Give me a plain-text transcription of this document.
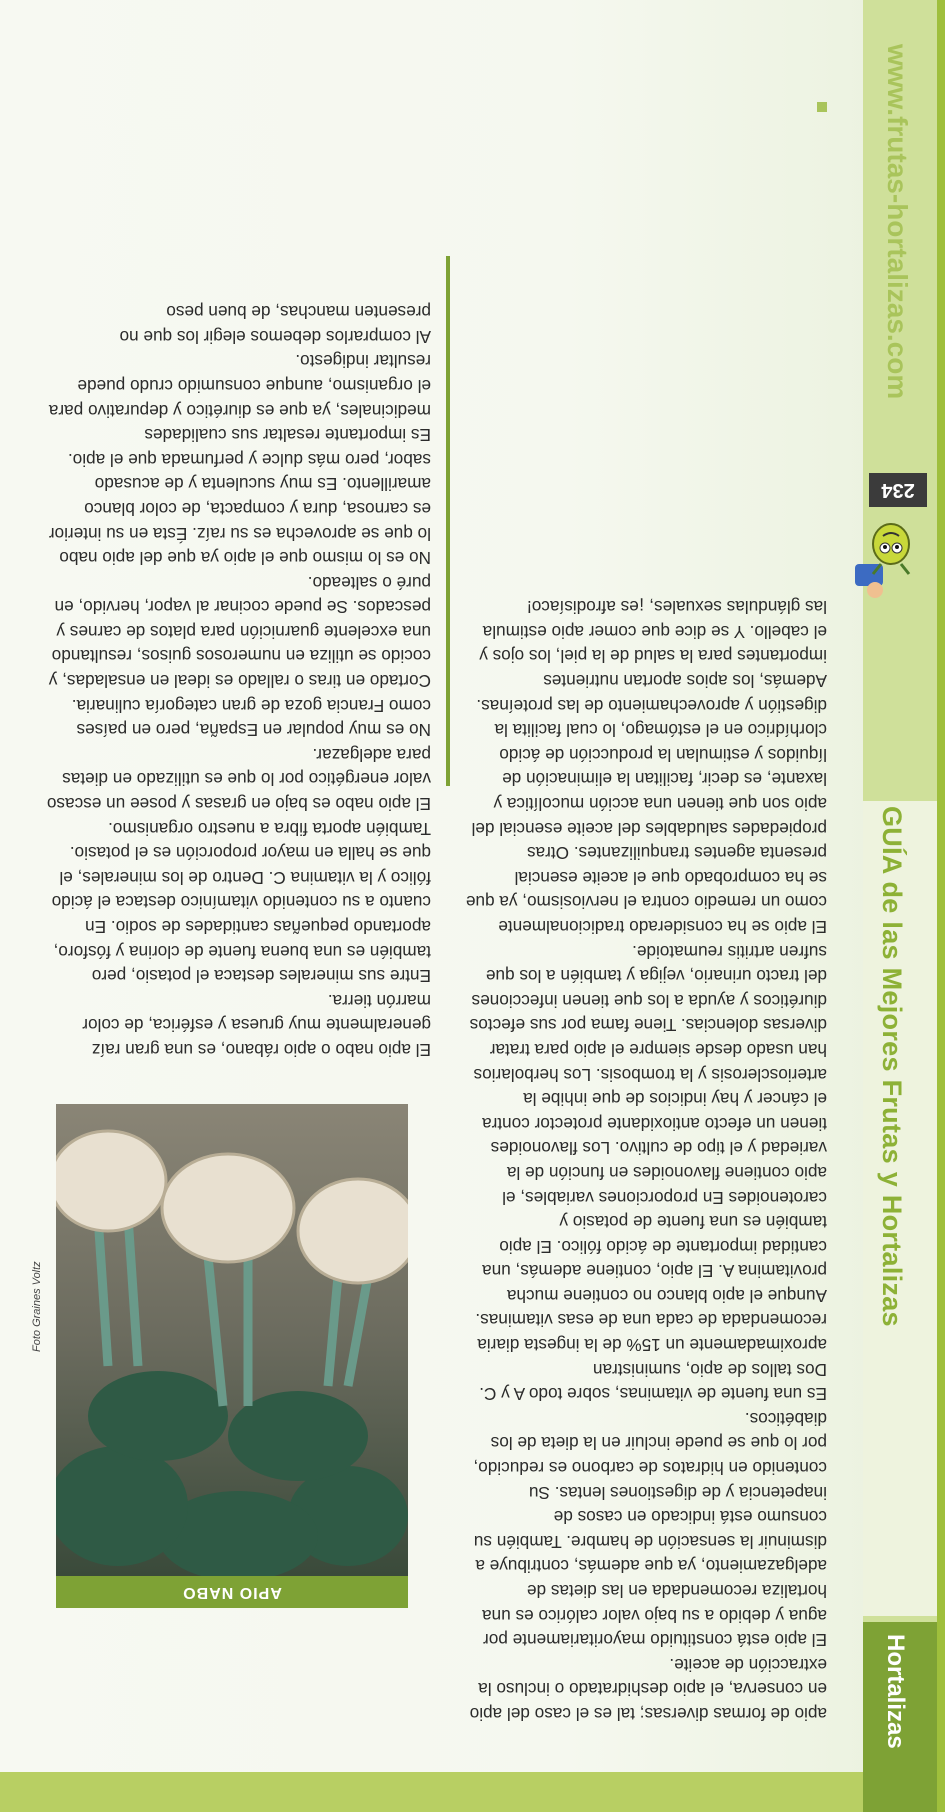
Hortalizas
GUÍA de las Mejores Frutas y Hortalizas
234
www.frutas-hortalizas.com

apio de formas diversas; tal es el caso del apio en conserva, el apio deshidratado o incluso la extracción de aceite.

El apio está constituido mayoritariamente por agua y debido a su bajo valor calórico es una hortaliza recomendada en las dietas de adelgazamiento, ya que además, contribuye a disminuir la sensación de hambre. También su consumo está indicado en casos de inapetencia y de digestiones lentas. Su contenido en hidratos de carbono es reducido, por lo que se puede incluir en la dieta de los diabéticos.

Es una fuente de vitaminas, sobre todo A y C. Dos tallos de apio, suministran aproximadamente un 15% de la ingesta diaria recomendada de cada una de esas vitaminas. Aunque el apio blanco no contiene mucha provitamina A. El apio, contiene además, una cantidad importante de ácido fólico. El apio también es una fuente de potasio y carotenoides En proporciones variables, el apio contiene flavonoides en función de la variedad y el tipo de cultivo. Los flavonoides tienen un efecto antioxidante protector contra el cáncer y hay indicios de que inhibe la arteriosclerosis y la trombosis. Los herbolarios han usado desde siempre el apio para tratar diversas dolencias. Tiene fama por sus efectos diuréticos y ayuda a los que tienen infecciones del tracto urinario, vejiga y también a los que sufren artritis reumatoide.

El apio se ha considerado tradicionalmente como un remedio contra el nerviosismo, ya que se ha comprobado que el aceite esencial presenta agentes tranquilizantes. Otras propiedades saludables del aceite esencial del apio son que tienen una acción mucolítica y laxante, es decir, facilitan la eliminación de líquidos y estimulan la producción de ácido clorhídrico en el estómago, lo cual facilita la digestión y aprovechamiento de las proteínas.

Además, los apios aportan nutrientes importantes para la salud de la piel, los ojos y el cabello. Y se dice que comer apio estimula las glándulas sexuales, ¡es afrodisíaco!

APIO NABO
Foto Graines Voltz

El apio nabo o apio rábano, es una gran raíz generalmente muy gruesa y esférica, de color marrón tierra.

Entre sus minerales destaca el potasio, pero también es una buena fuente de clorina y fósforo, aportando pequeñas cantidades de sodio. En cuanto a su contenido vitamínico destaca el ácido fólico y la vitamina C. Dentro de los minerales, el que se halla en mayor proporción es el potasio. También aporta fibra a nuestro organismo.

El apio nabo es bajo en grasas y posee un escaso valor energético por lo que es utilizado en dietas para adelgazar.

No es muy popular en España, pero en países como Francia goza de gran categoría culinaria. Cortado en tiras o rallado es ideal en ensaladas, y cocido se utiliza en numerosos guisos, resultando una excelente guarnición para platos de carnes y pescados. Se puede cocinar al vapor, hervido, en puré o salteado.

No es lo mismo que el apio ya que del apio nabo lo que se aprovecha es su raíz. Ésta en su interior es carnosa, dura y compacta, de color blanco amarillento. Es muy suculenta y de acusado sabor, pero más dulce y perfumada que el apio. Es importante resaltar sus cualidades medicinales, ya que es diurético y depurativo para el organismo, aunque consumido crudo puede resultar indigesto.

Al comprarlos debemos elegir los que no presenten manchas, de buen peso
